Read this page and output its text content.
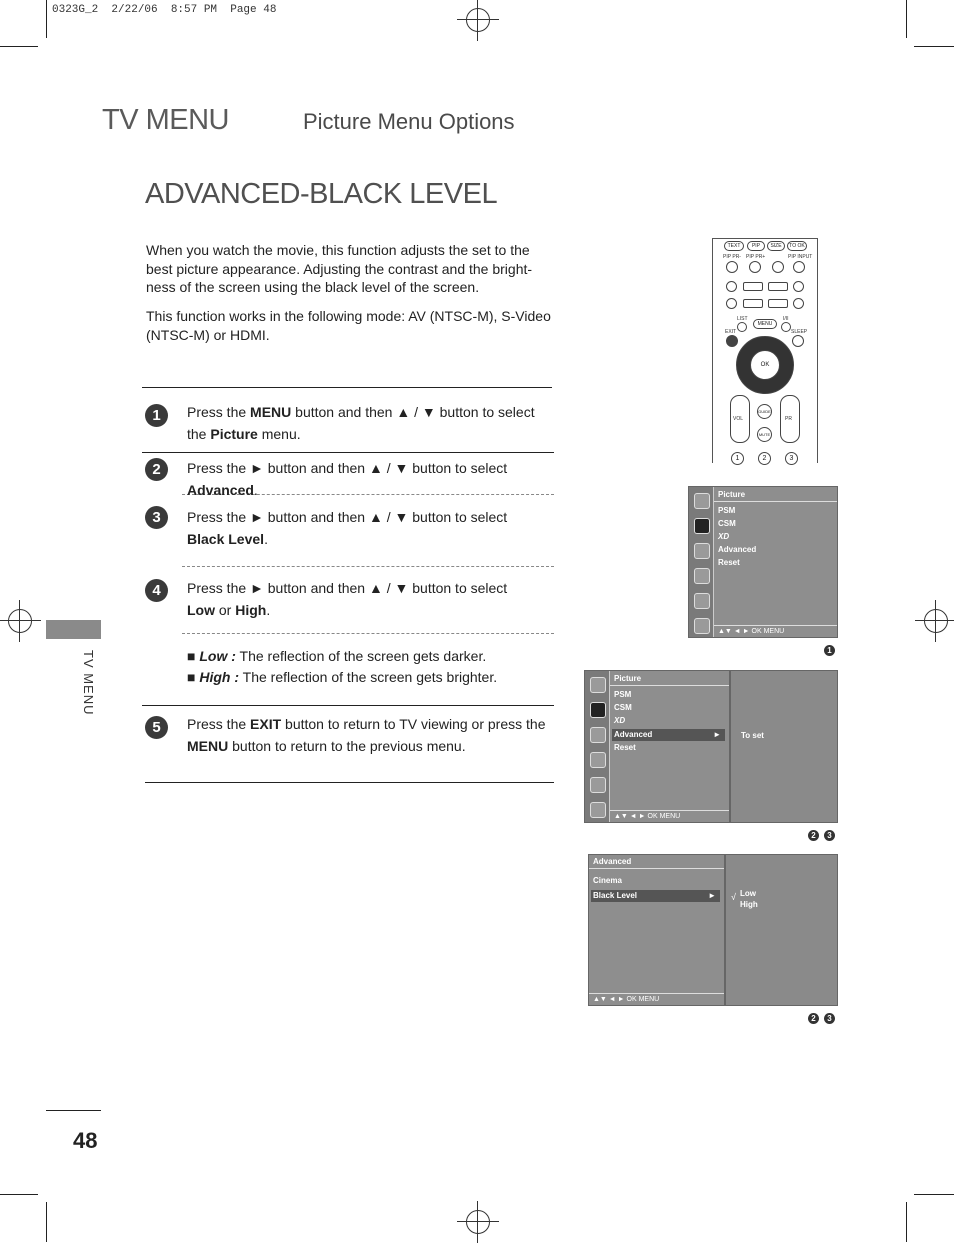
0323G_2  2/22/06  8:57 PM  Page 48
TV MENU	Picture Menu Options
ADVANCED-BLACK LEVEL
When you watch the movie, this function adjusts the set to the best picture appearance. Adjusting the contrast and the bright-ness of the screen using the black level of the screen.
This function works in the following mode: AV (NTSC-M), S-Video (NTSC-M) or HDMI.
1	Press the MENU button and then ▲ / ▼ button to select the Picture menu.
2	Press the ► button and then ▲ / ▼ button to select Advanced.
3	Press the ► button and then ▲ / ▼ button to select Black Level.
4	Press the ► button and then ▲ / ▼ button to select Low or High.
■ Low : The reflection of the screen gets darker.
■ High : The reflection of the screen gets brighter.
5	Press the EXIT button to return to TV viewing or press the MENU button to return to the previous menu.
TV MENU
48
TEXT	PIP	SIZE	TO OK
PIP PR- PIP PR+	PIP INPUT
LIST	I/II
MENU
EXIT	SLEEP
OK
VOL	PR
GUIDE
MUTE
1	2	3
Picture
PSM
CSM
XD
Advanced
Reset
▲▼ ◄ ► OK MENU
1
Picture
PSM
CSM
XD
Advanced	►
Reset
▲▼ ◄ ► OK MENU
To set
2	3
Advanced
Cinema
Black Level	►
▲▼ ◄ ► OK MENU
√ Low
High
2	3
